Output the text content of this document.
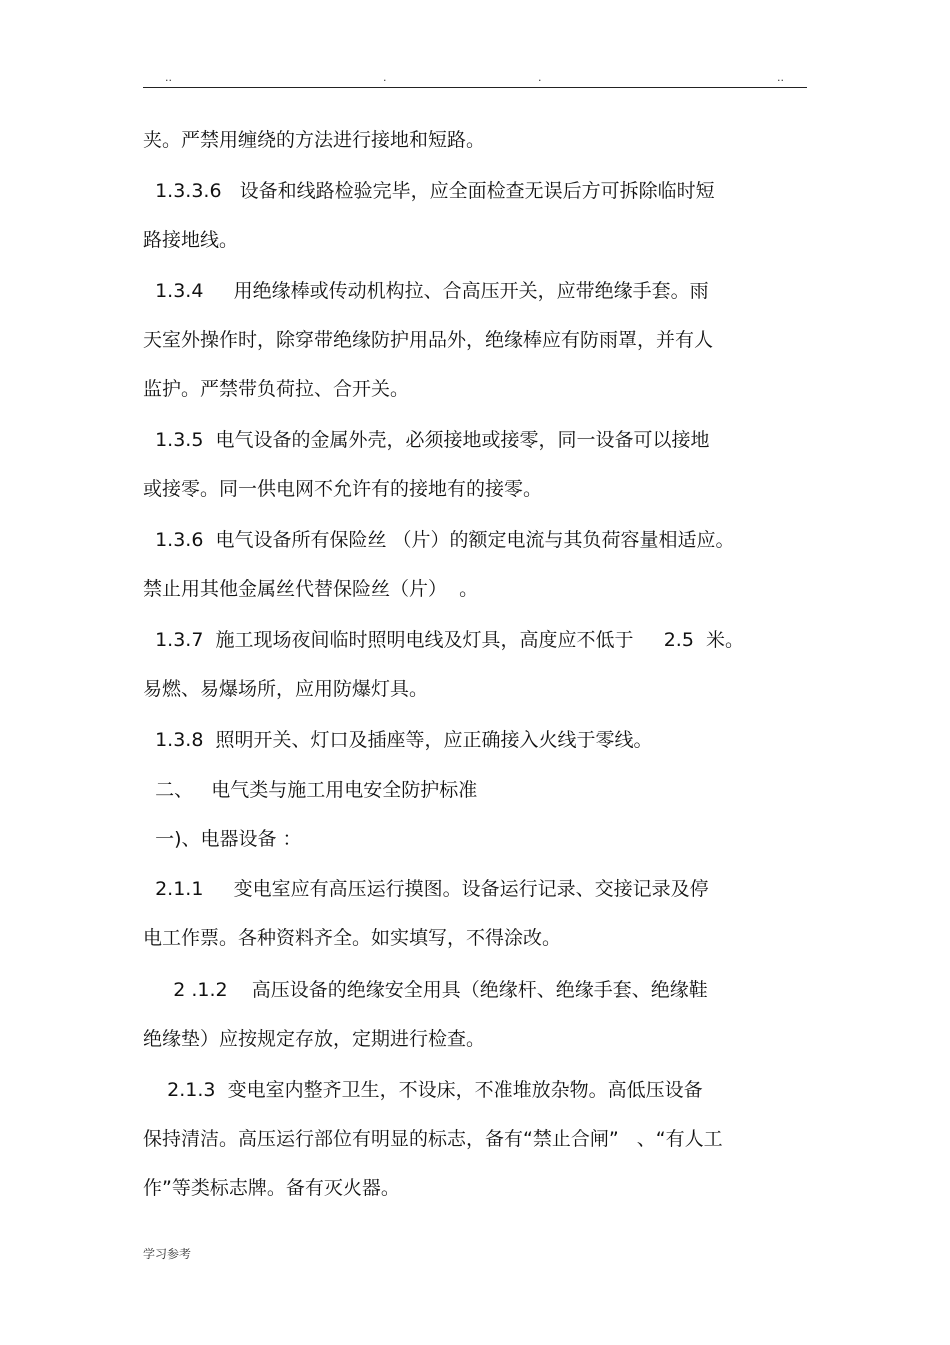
..	.	.	..
夹。严禁用缠绕的方法进行接地和短路。
1.3.3.6   设备和线路检验完毕，应全面检查无误后方可拆除临时短
路接地线。
1.3.4     用绝缘棒或传动机构拉、合高压开关，应带绝缘手套。雨
天室外操作时，除穿带绝缘防护用品外，绝缘棒应有防雨罩，并有人
监护。严禁带负荷拉、合开关。
1.3.5  电气设备的金属外壳，必须接地或接零，同一设备可以接地
或接零。同一供电网不允许有的接地有的接零。
1.3.6  电气设备所有保险丝 （片）的额定电流与其负荷容量相适应。
禁止用其他金属丝代替保险丝（片）  。
1.3.7  施工现场夜间临时照明电线及灯具，高度应不低于     2.5  米。
易燃、易爆场所，应用防爆灯具。
1.3.8  照明开关、灯口及插座等，应正确接入火线于零线。
二、   电气类与施工用电安全防护标准
一)、电器设备 ：
2.1.1     变电室应有高压运行摸图。设备运行记录、交接记录及停
电工作票。各种资料齐全。如实填写，不得涂改。
2 .1.2    高压设备的绝缘安全用具（绝缘杆、绝缘手套、绝缘鞋
绝缘垫）应按规定存放，定期进行检查。
2.1.3  变电室内整齐卫生，不设床，不准堆放杂物。高低压设备
保持清洁。高压运行部位有明显的标志，备有“禁止合闸”   、“有人工
作”等类标志牌。备有灭火器。
学习参考
